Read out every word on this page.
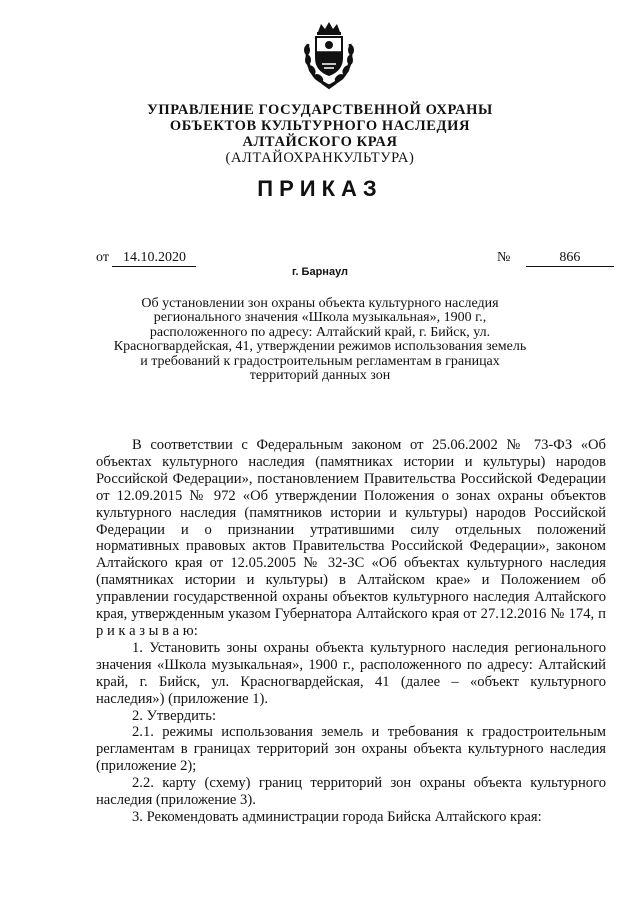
УПРАВЛЕНИЕ ГОСУДАРСТВЕННОЙ ОХРАНЫ
ОБЪЕКТОВ КУЛЬТУРНОГО НАСЛЕДИЯ
АЛТАЙСКОГО КРАЯ
(АЛТАЙОХРАНКУЛЬТУРА)
ПРИКАЗ
от 14.10.2020	№	866
г. Барнаул
Об установлении зон охраны объекта культурного наследия регионального значения «Школа музыкальная», 1900 г., расположенного по адресу: Алтайский край, г. Бийск, ул. Красногвардейская, 41, утверждении режимов использования земель и требований к градостроительным регламентам в границах территорий данных зон

В соответствии с Федеральным законом от 25.06.2002 № 73-ФЗ «Об объектах культурного наследия (памятниках истории и культуры) народов Российской Федерации», постановлением Правительства Российской Федерации от 12.09.2015 № 972 «Об утверждении Положения о зонах охраны объектов культурного наследия (памятников истории и культуры) народов Российской Федерации и о признании утратившими силу отдельных положений нормативных правовых актов Правительства Российской Федерации», законом Алтайского края от 12.05.2005 № 32-ЗС «Об объектах культурного наследия (памятниках истории и культуры) в Алтайском крае» и Положением об управлении государственной охраны объектов культурного наследия Алтайского края, утвержденным указом Губернатора Алтайского края от 27.12.2016 № 174, п р и к а з ы в а ю:

1. Установить зоны охраны объекта культурного наследия регионального значения «Школа музыкальная», 1900 г., расположенного по адресу: Алтайский край, г. Бийск, ул. Красногвардейская, 41 (далее – «объект культурного наследия») (приложение 1).

2. Утвердить:

2.1. режимы использования земель и требования к градостроительным регламентам в границах территорий зон охраны объекта культурного наследия (приложение 2);

2.2. карту (схему) границ территорий зон охраны объекта культурного наследия (приложение 3).

3. Рекомендовать администрации города Бийска Алтайского края:
